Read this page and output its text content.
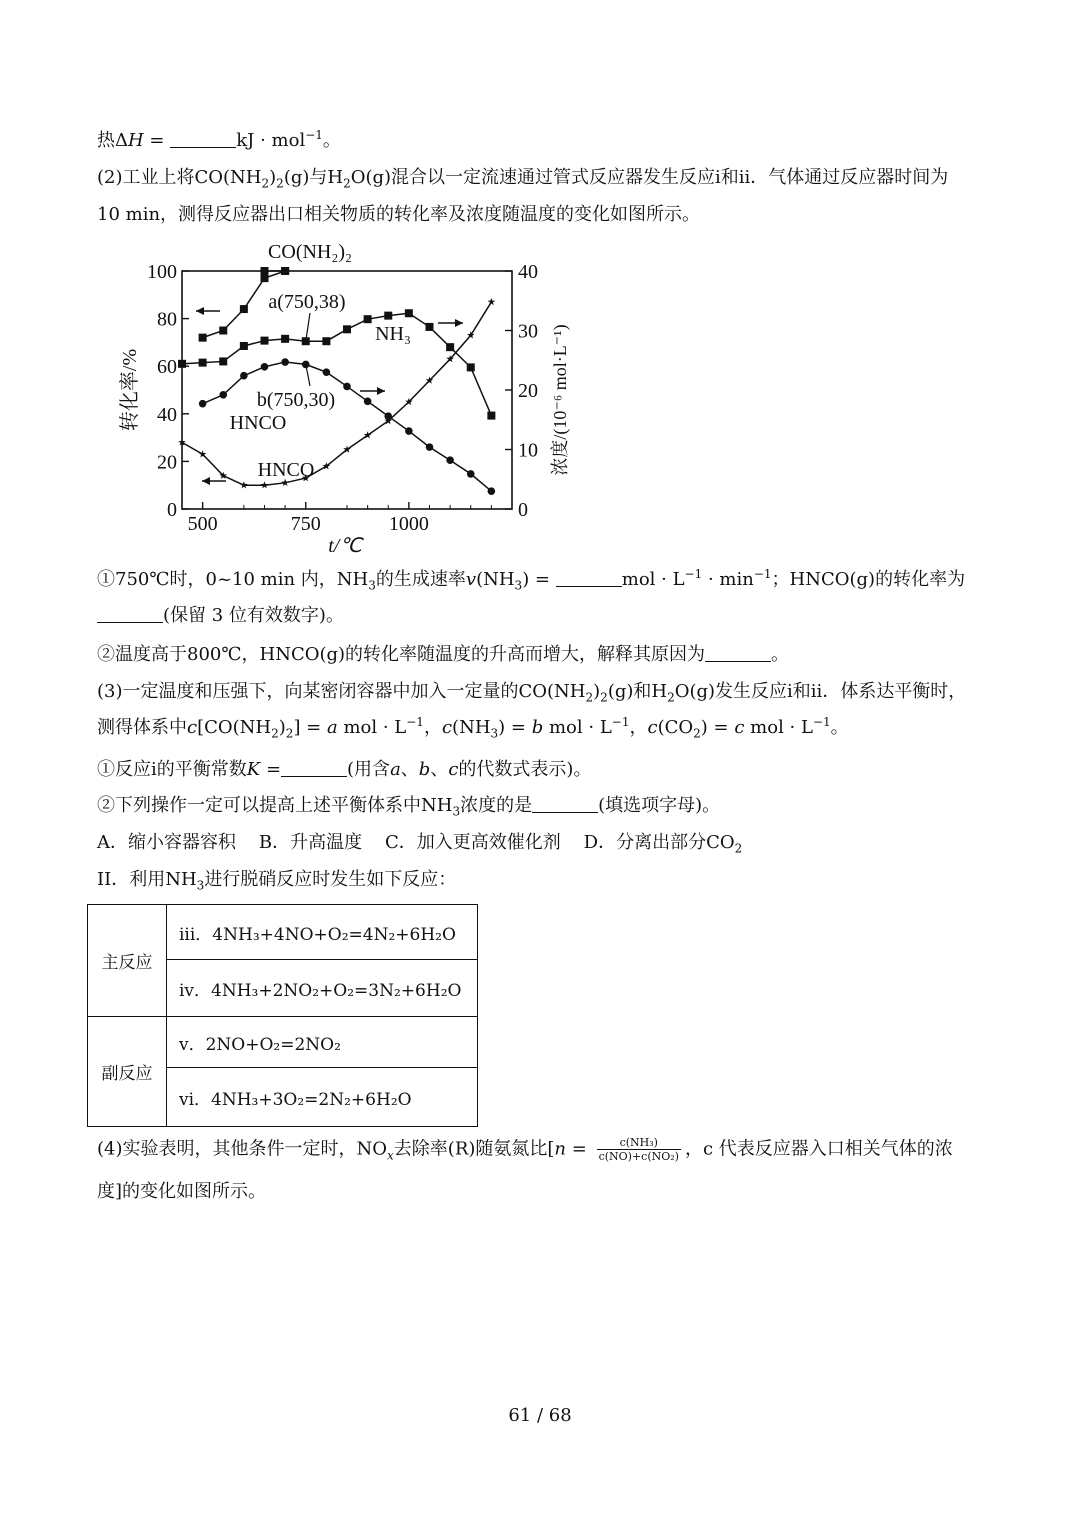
热ΔH =	kJ · mol$^{-1}$。
(2)工业上将$CO(NH_2)_2(g)$与$H_2O(g)$混合以一定流速通过管式反应器发生反应i和ii．气体通过反应器时间为
10 min，测得反应器出口相关物质的转化率及浓度随温度的变化如图所示。
500	750	1000
0
20
40
60
80
100
0
10
20
30
40
t/℃
转化率/%	浓度/(10⁻⁶ mol·L⁻¹)
CO(NH₂)₂
a(750,38)
NH₃
b(750,30)
HNCO
HNCO
①750℃时，0~10 min 内，$NH_3$的生成速率$v(NH_3)$ =	mol · $L^{-1} \cdot \min^{-1}$；HNCO(g)的转化率为
(保留 3 位有效数字)。
②温度高于800℃，HNCO(g)的转化率随温度的升高而增大，解释其原因为	。
(3)一定温度和压强下，向某密闭容器中加入一定量的$CO(NH_2)_2(g)$和$H_2O(g)$发生反应i和ii．体系达平衡时，
测得体系中$c[CO(NH_2)_2] = a$ mol · $L^{-1}$，$c(NH_3) = b$ mol · $L^{-1}$，$c(CO_2) = c$ mol · $L^{-1}$。
①反应i的平衡常数K =	(用含a、b、c的代数式表示)。
②下列操作一定可以提高上述平衡体系中$NH_3$浓度的是	(填选项字母)。
A．缩小容器容积    B．升高温度    C．加入更高效催化剂    D．分离出部分$CO_2$
II．利用$NH_3$进行脱硝反应时发生如下反应：
主反应	iii．4NH₃+4NO+O₂=4N₂+6H₂O
	iv．4NH₃+2NO₂+O₂=3N₂+6H₂O
副反应	v．2NO+O₂=2NO₂
	vi．4NH₃+3O₂=2N₂+6H₂O
(4)实验表明，其他条件一定时，$NO_x$去除率(R)随氨氮比[$n = \frac{\text{c(NH₃)}}{\text{c(NO)+c(NO₂)}}$ ，c 代表反应器入口相关气体的浓
度]的变化如图所示。
61 / 68
